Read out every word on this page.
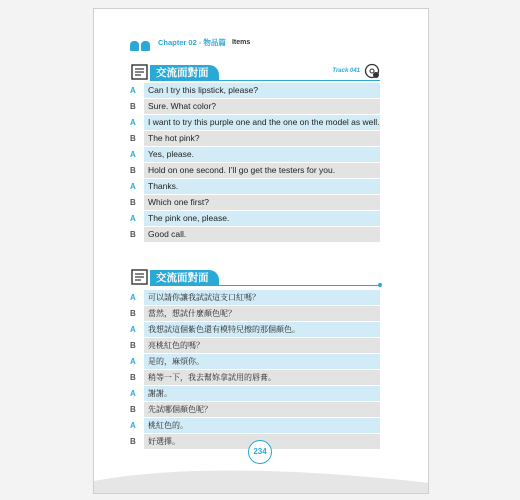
Chapter 02 - 物品篇 Items
交流面對面	Track 041
A	Can I try this lipstick, please?
B	Sure. What color?
A	I want to try this purple one and the one on the model as well.
B	The hot pink?
A	Yes, please.
B	Hold on one second. I’ll go get the testers for you.
A	Thanks.
B	Which one first?
A	The pink one, please.
B	Good call.
交流面對面
A	可以請你讓我試試這支口紅嗎？
B	當然，想試什麼顏色呢？
A	我想試這個紫色還有模特兒擦的那個顏色。
B	亮桃紅色的嗎？
A	是的，麻煩你。
B	稍等一下，我去幫妳拿試用的唇膏。
A	謝謝。
B	先試哪個顏色呢？
A	桃紅色的。
B	好選擇。
234
